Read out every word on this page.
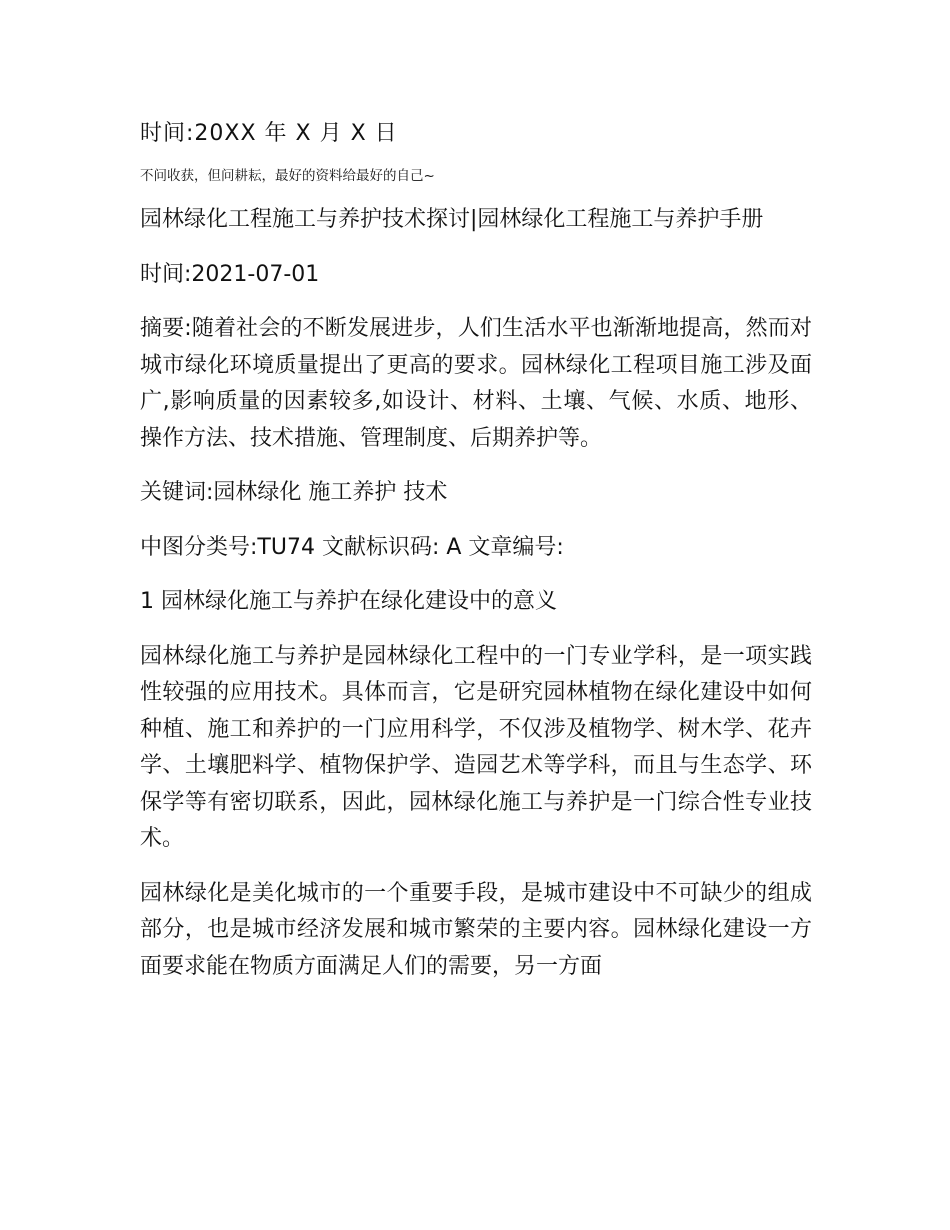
时间:20XX 年 X 月 X 日
不问收获，但问耕耘，最好的资料给最好的自己~

园林绿化工程施工与养护技术探讨|园林绿化工程施工与养护手册

时间:2021-07-01

摘要:随着社会的不断发展进步，人们生活水平也渐渐地提高，然而对城市绿化环境质量提出了更高的要求。园林绿化工程项目施工涉及面广,影响质量的因素较多,如设计、材料、土壤、气候、水质、地形、操作方法、技术措施、管理制度、后期养护等。

关键词:园林绿化 施工养护 技术

中图分类号:TU74 文献标识码: A 文章编号:

1 园林绿化施工与养护在绿化建设中的意义

园林绿化施工与养护是园林绿化工程中的一门专业学科，是一项实践性较强的应用技术。具体而言，它是研究园林植物在绿化建设中如何种植、施工和养护的一门应用科学，不仅涉及植物学、树木学、花卉学、土壤肥料学、植物保护学、造园艺术等学科，而且与生态学、环保学等有密切联系，因此，园林绿化施工与养护是一门综合性专业技术。

园林绿化是美化城市的一个重要手段，是城市建设中不可缺少的组成部分，也是城市经济发展和城市繁荣的主要内容。园林绿化建设一方面要求能在物质方面满足人们的需要，另一方面
